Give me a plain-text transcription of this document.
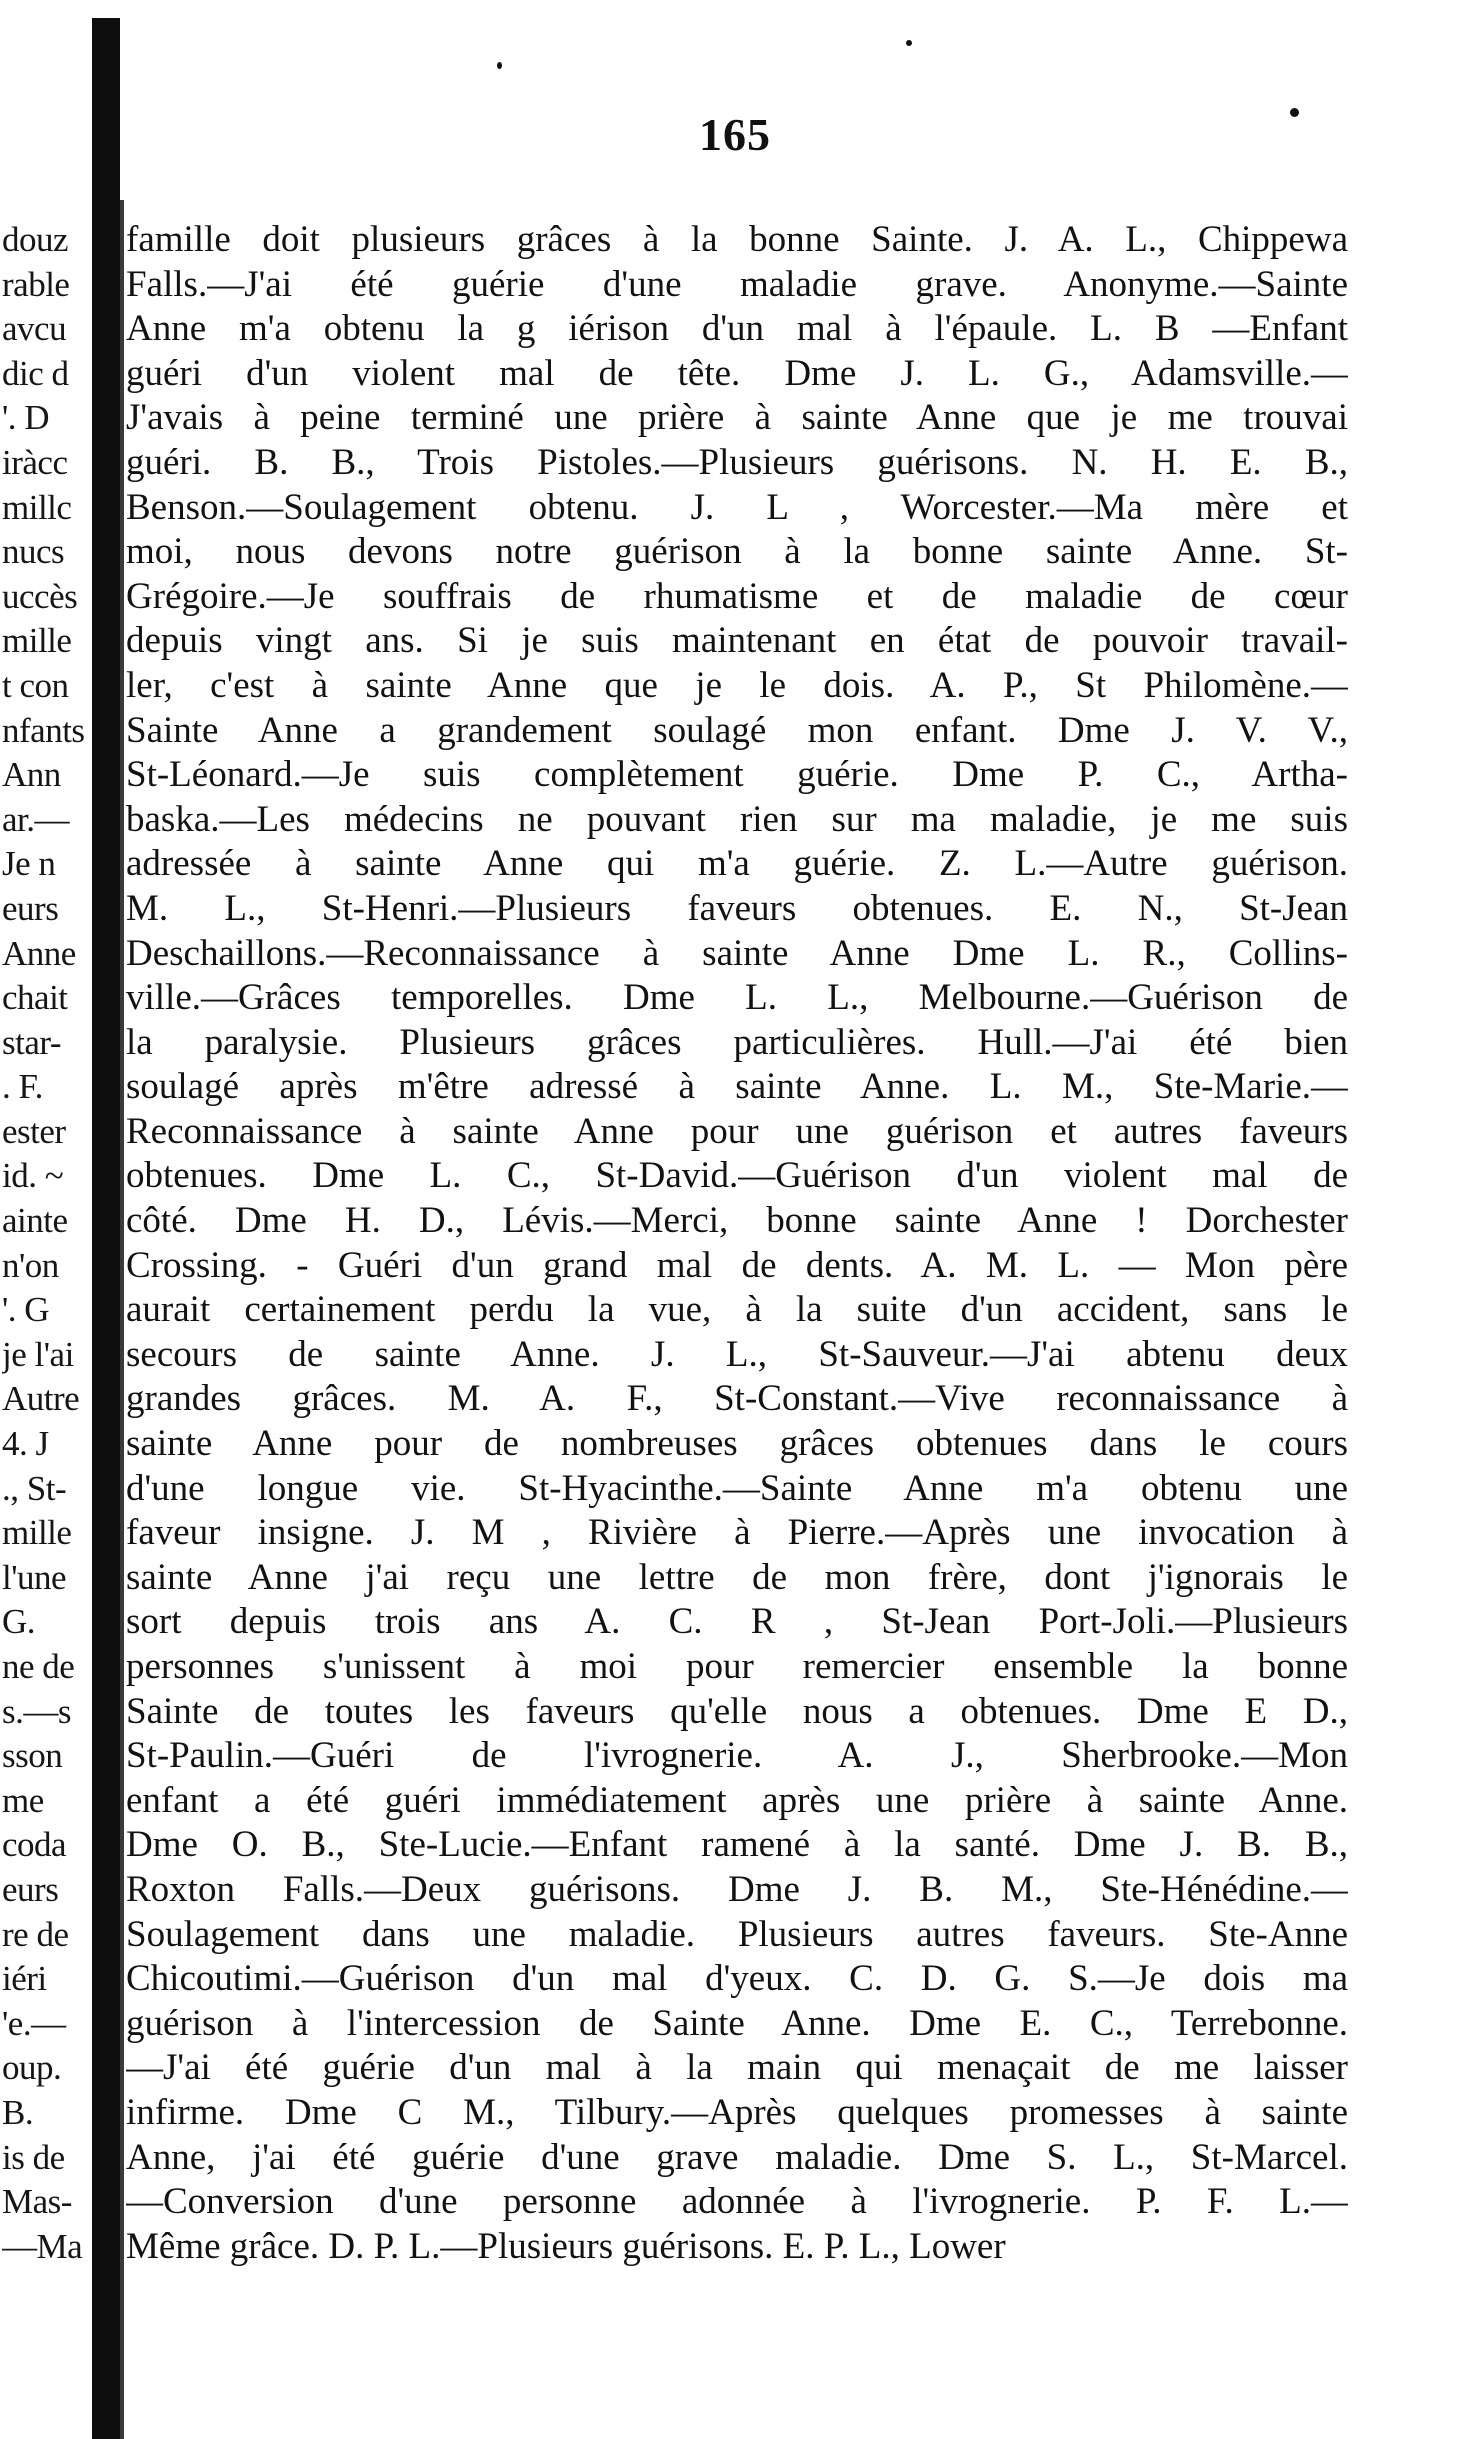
douz
rable
avcu
dic d
'. D
iràcc
millc
nucs
uccès
mille
t con
nfants
Ann
ar.—
Je n
eurs
Anne
chait
star-
. F.
ester
id. ~
ainte
n'on
'. G
je l'ai
Autre
4. J
., St-
mille
l'une
G.
ne de
s.—s
sson
me
coda
eurs
re de
iéri
'e.—
oup.
B.
is de
Mas-
—Ma
165
famille doit plusieurs grâces à la bonne Sainte. J. A. L., Chippewa
Falls.—J'ai été guérie d'une maladie grave. Anonyme.—Sainte
Anne m'a obtenu la g iérison d'un mal à l'épaule. L. B —Enfant
guéri d'un violent mal de tête. Dme J. L. G., Adamsville.—
J'avais à peine terminé une prière à sainte Anne que je me trouvai
guéri. B. B., Trois Pistoles.—Plusieurs guérisons. N. H. E. B.,
Benson.—Soulagement obtenu. J. L , Worcester.—Ma mère et
moi, nous devons notre guérison à la bonne sainte Anne. St-
Grégoire.—Je souffrais de rhumatisme et de maladie de cœur
depuis vingt ans. Si je suis maintenant en état de pouvoir travail-
ler, c'est à sainte Anne que je le dois. A. P., St Philomène.—
Sainte Anne a grandement soulagé mon enfant. Dme J. V. V.,
St-Léonard.—Je suis complètement guérie. Dme P. C., Artha-
baska.—Les médecins ne pouvant rien sur ma maladie, je me suis
adressée à sainte Anne qui m'a guérie. Z. L.—Autre guérison.
M. L., St-Henri.—Plusieurs faveurs obtenues. E. N., St-Jean
Deschaillons.—Reconnaissance à sainte Anne Dme L. R., Collins-
ville.—Grâces temporelles. Dme L. L., Melbourne.—Guérison de
la paralysie. Plusieurs grâces particulières. Hull.—J'ai été bien
soulagé après m'être adressé à sainte Anne. L. M., Ste-Marie.—
Reconnaissance à sainte Anne pour une guérison et autres faveurs
obtenues. Dme L. C., St-David.—Guérison d'un violent mal de
côté. Dme H. D., Lévis.—Merci, bonne sainte Anne ! Dorchester
Crossing. - Guéri d'un grand mal de dents. A. M. L. — Mon père
aurait certainement perdu la vue, à la suite d'un accident, sans le
secours de sainte Anne. J. L., St-Sauveur.—J'ai abtenu deux
grandes grâces. M. A. F., St-Constant.—Vive reconnaissance à
sainte Anne pour de nombreuses grâces obtenues dans le cours
d'une longue vie. St-Hyacinthe.—Sainte Anne m'a obtenu une
faveur insigne. J. M , Rivière à Pierre.—Après une invocation à
sainte Anne j'ai reçu une lettre de mon frère, dont j'ignorais le
sort depuis trois ans A. C. R , St-Jean Port-Joli.—Plusieurs
personnes s'unissent à moi pour remercier ensemble la bonne
Sainte de toutes les faveurs qu'elle nous a obtenues. Dme E D.,
St-Paulin.—Guéri de l'ivrognerie. A. J., Sherbrooke.—Mon
enfant a été guéri immédiatement après une prière à sainte Anne.
Dme O. B., Ste-Lucie.—Enfant ramené à la santé. Dme J. B. B.,
Roxton Falls.—Deux guérisons. Dme J. B. M., Ste-Hénédine.—
Soulagement dans une maladie. Plusieurs autres faveurs. Ste-Anne
Chicoutimi.—Guérison d'un mal d'yeux. C. D. G. S.—Je dois ma
guérison à l'intercession de Sainte Anne. Dme E. C., Terrebonne.
—J'ai été guérie d'un mal à la main qui menaçait de me laisser
infirme. Dme C M., Tilbury.—Après quelques promesses à sainte
Anne, j'ai été guérie d'une grave maladie. Dme S. L., St-Marcel.
—Conversion d'une personne adonnée à l'ivrognerie. P. F. L.—
Même grâce. D. P. L.—Plusieurs guérisons. E. P. L., Lower
